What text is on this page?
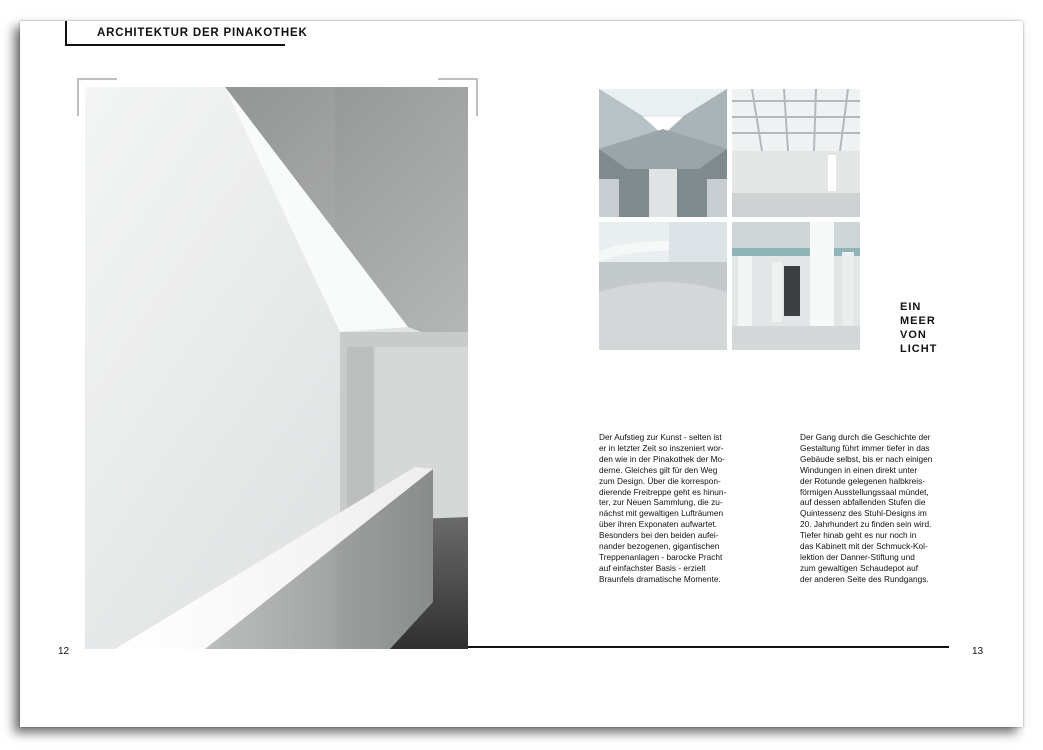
ARCHITEKTUR DER PINAKOTHEK
EIN
MEER
VON
LICHT
Der Aufstieg zur Kunst - selten ist
er in letzter Zeit so inszeniert wor-
den wie in der Pinakothek der Mo-
derne. Gleiches gilt für den Weg
zum Design. Über die korrespon-
dierende Freitreppe geht es hinun-
ter, zur Neuen Sammlung, die zu-
nächst mit gewaltigen Lufträumen
über ihren Exponaten aufwartet.
Besonders bei den beiden aufei-
nander bezogenen, gigantischen
Treppenanlagen - barocke Pracht
auf einfachster Basis - erzielt
Braunfels dramatische Momente.
Der Gang durch die Geschichte der
Gestaltung führt immer tiefer in das
Gebäude selbst, bis er nach einigen
Windungen in einen direkt unter
der Rotunde gelegenen halbkreis-
förmigen Ausstellungssaal mündet,
auf dessen abfallenden Stufen die
Quintessenz des Stuhl-Designs im
20. Jahrhundert zu finden sein wird.
Tiefer hinab geht es nur noch in
das Kabinett mit der Schmuck-Kol-
lektion der Danner-Stiftung und
zum gewaltigen Schaudepot auf
der anderen Seite des Rundgangs.
12	13
